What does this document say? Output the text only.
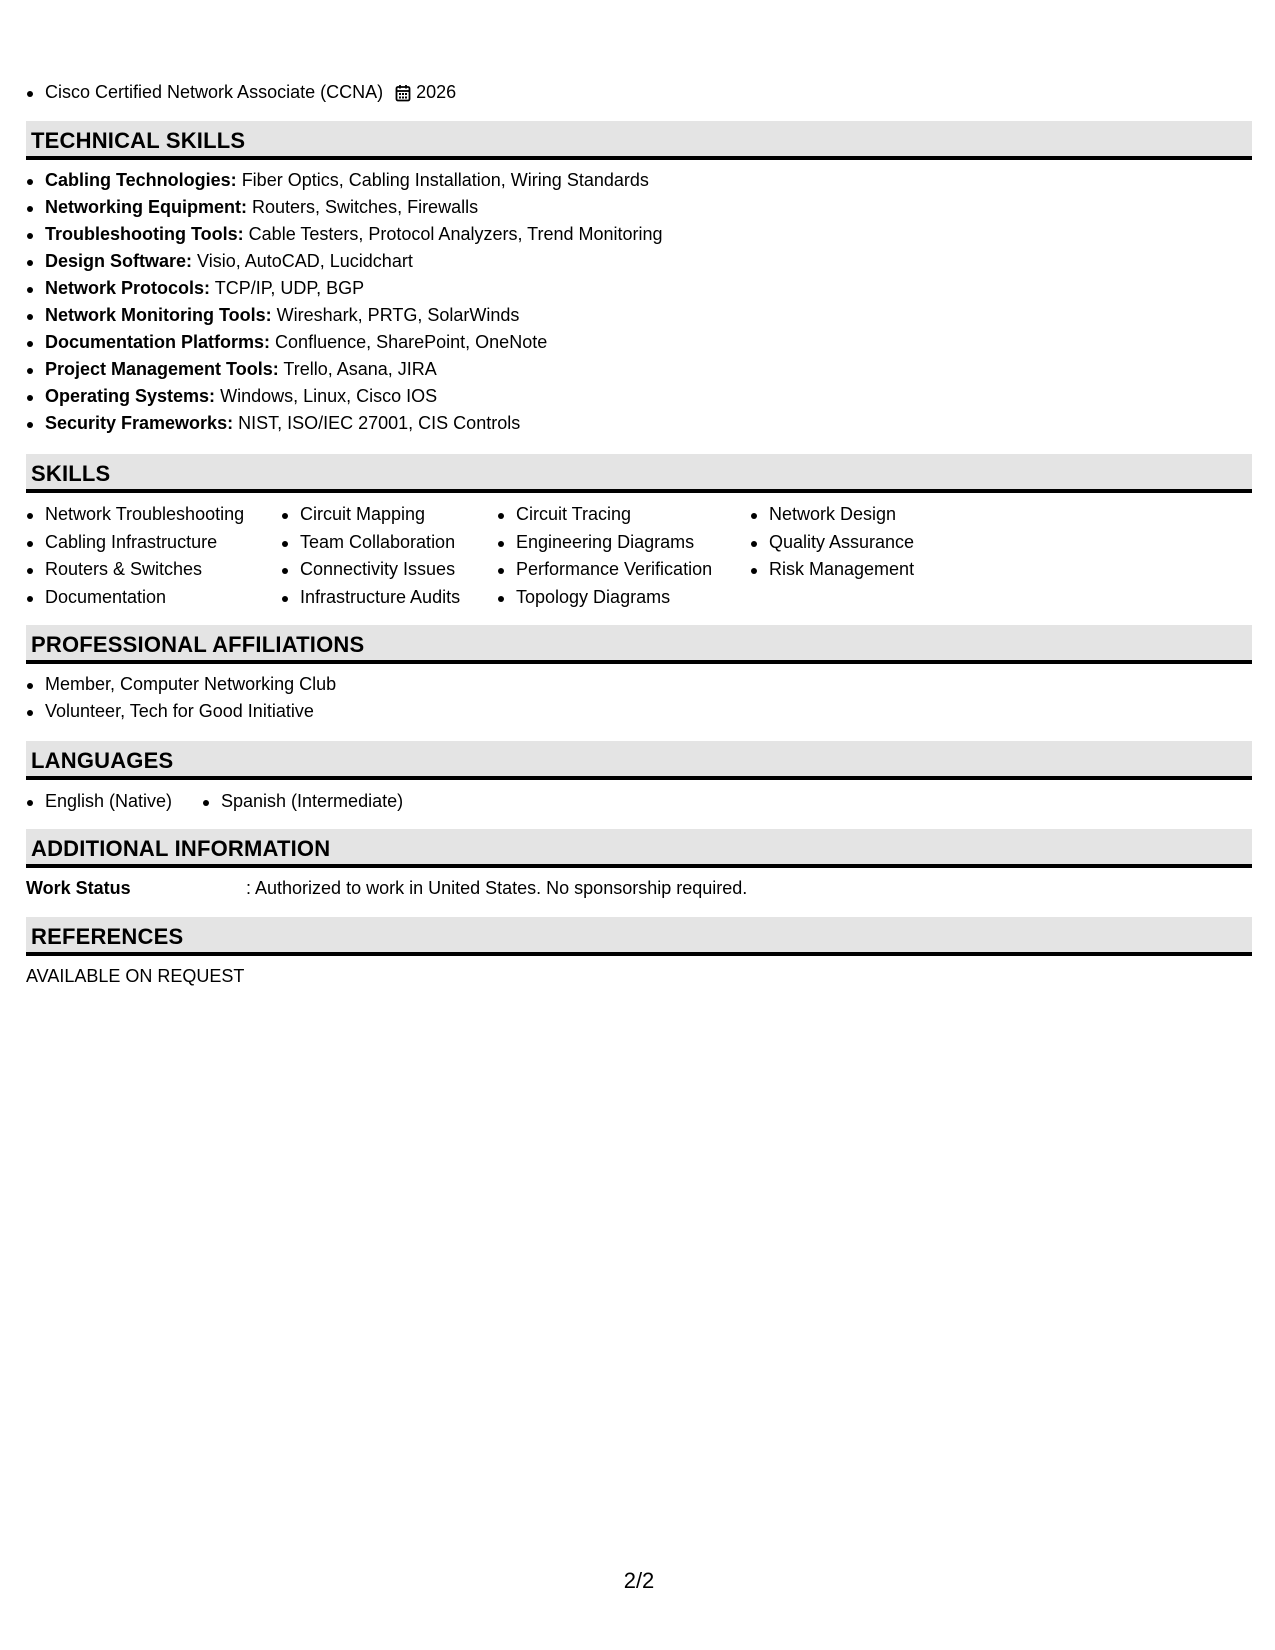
Cisco Certified Network Associate (CCNA) 2026
TECHNICAL SKILLS
Cabling Technologies: Fiber Optics, Cabling Installation, Wiring Standards
Networking Equipment: Routers, Switches, Firewalls
Troubleshooting Tools: Cable Testers, Protocol Analyzers, Trend Monitoring
Design Software: Visio, AutoCAD, Lucidchart
Network Protocols: TCP/IP, UDP, BGP
Network Monitoring Tools: Wireshark, PRTG, SolarWinds
Documentation Platforms: Confluence, SharePoint, OneNote
Project Management Tools: Trello, Asana, JIRA
Operating Systems: Windows, Linux, Cisco IOS
Security Frameworks: NIST, ISO/IEC 27001, CIS Controls
SKILLS
Network Troubleshooting
Cabling Infrastructure
Routers & Switches
Documentation
Circuit Mapping
Team Collaboration
Connectivity Issues
Infrastructure Audits
Circuit Tracing
Engineering Diagrams
Performance Verification
Topology Diagrams
Network Design
Quality Assurance
Risk Management
PROFESSIONAL AFFILIATIONS
Member, Computer Networking Club
Volunteer, Tech for Good Initiative
LANGUAGES
English (Native)	Spanish (Intermediate)
ADDITIONAL INFORMATION
Work Status	: Authorized to work in United States. No sponsorship required.
REFERENCES
AVAILABLE ON REQUEST
2/2
